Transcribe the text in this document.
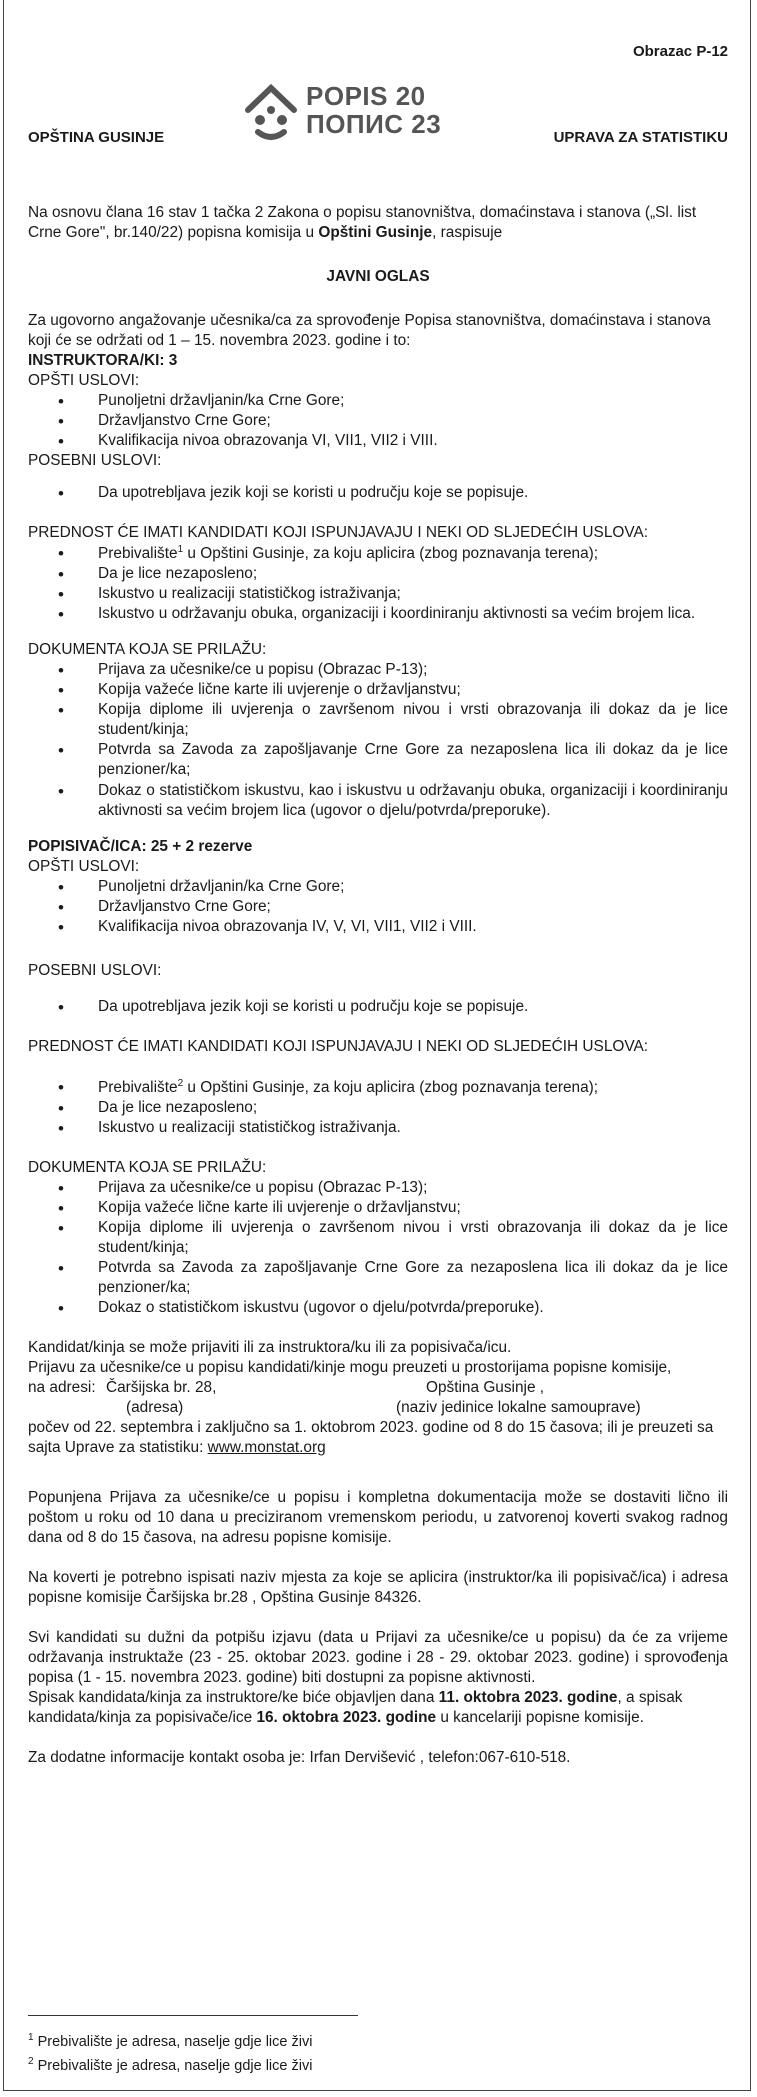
Obrazac P-12
OPŠTINA GUSINJE
POPIS 20
ПОПИС 23	UPRAVA ZA STATISTIKU

Na osnovu člana 16 stav 1 tačka 2 Zakona o popisu stanovništva, domaćinstava i stanova („Sl. list Crne Gore", br.140/22) popisna komisija u Opštini Gusinje, raspisuje

JAVNI OGLAS

Za ugovorno angažovanje učesnika/ca za sprovođenje Popisa stanovništva, domaćinstava i stanova koji će se održati od 1 – 15. novembra 2023. godine i to:

INSTRUKTORA/KI: 3

OPŠTI USLOVI:

• Punoljetni državljanin/ka Crne Gore;
• Državljanstvo Crne Gore;
• Kvalifikacija nivoa obrazovanja VI, VII1, VII2 i VIII.

POSEBNI USLOVI:

• Da upotrebljava jezik koji se koristi u području koje se popisuje.

PREDNOST ĆE IMATI KANDIDATI KOJI ISPUNJAVAJU I NEKI OD SLJEDEĆIH USLOVA:

• Prebivalište$^1$ u Opštini Gusinje, za koju aplicira (zbog poznavanja terena);
• Da je lice nezaposleno;
• Iskustvo u realizaciji statističkog istraživanja;
• Iskustvo u održavanju obuka, organizaciji i koordiniranju aktivnosti sa većim brojem lica.

DOKUMENTA KOJA SE PRILAŽU:

• Prijava za učesnike/ce u popisu (Obrazac P-13);
• Kopija važeće lične karte ili uvjerenje o državljanstvu;
• Kopija diplome ili uvjerenja o završenom nivou i vrsti obrazovanja ili dokaz da je lice student/kinja;
• Potvrda sa Zavoda za zapošljavanje Crne Gore za nezaposlena lica ili dokaz da je lice penzioner/ka;
• Dokaz o statističkom iskustvu, kao i iskustvu u održavanju obuka, organizaciji i koordiniranju aktivnosti sa većim brojem lica (ugovor o djelu/potvrda/preporuke).

POPISIVAČ/ICA: 25 + 2 rezerve

OPŠTI USLOVI:

• Punoljetni državljanin/ka Crne Gore;
• Državljanstvo Crne Gore;
• Kvalifikacija nivoa obrazovanja IV, V, VI, VII1, VII2 i VIII.

POSEBNI USLOVI:

• Da upotrebljava jezik koji se koristi u području koje se popisuje.

PREDNOST ĆE IMATI KANDIDATI KOJI ISPUNJAVAJU I NEKI OD SLJEDEĆIH USLOVA:

• Prebivalište$^2$ u Opštini Gusinje, za koju aplicira (zbog poznavanja terena);
• Da je lice nezaposleno;
• Iskustvo u realizaciji statističkog istraživanja.

DOKUMENTA KOJA SE PRILAŽU:

• Prijava za učesnike/ce u popisu (Obrazac P-13);
• Kopija važeće lične karte ili uvjerenje o državljanstvu;
• Kopija diplome ili uvjerenja o završenom nivou i vrsti obrazovanja ili dokaz da je lice student/kinja;
• Potvrda sa Zavoda za zapošljavanje Crne Gore za nezaposlena lica ili dokaz da je lice penzioner/ka;
• Dokaz o statističkom iskustvu (ugovor o djelu/potvrda/preporuke).

Kandidat/kinja se može prijaviti ili za instruktora/ku ili za popisivača/icu.

Prijavu za učesnike/ce u popisu kandidati/kinje mogu preuzeti u prostorijama popisne komisije,

na adresi: Čaršijska br. 28,	Opština Gusinje ,
(adresa)	(naziv jedinice lokalne samouprave)

počev od 22. septembra i zaključno sa 1. oktobrom 2023. godine od 8 do 15 časova; ili je preuzeti sa sajta Uprave za statistiku: www.monstat.org

Popunjena Prijava za učesnike/ce u popisu i kompletna dokumentacija može se dostaviti lično ili poštom u roku od 10 dana u preciziranom vremenskom periodu, u zatvorenoj koverti svakog radnog dana od 8 do 15 časova, na adresu popisne komisije.

Na koverti je potrebno ispisati naziv mjesta za koje se aplicira (instruktor/ka ili popisivač/ica) i adresa popisne komisije Čaršijska br.28 , Opština Gusinje 84326.

Svi kandidati su dužni da potpišu izjavu (data u Prijavi za učesnike/ce u popisu) da će za vrijeme održavanja instruktaže (23 - 25. oktobar 2023. godine i 28 - 29. oktobar 2023. godine) i sprovođenja popisa (1 - 15. novembra 2023. godine) biti dostupni za popisne aktivnosti.

Spisak kandidata/kinja za instruktore/ke biće objavljen dana 11. oktobra 2023. godine, a spisak kandidata/kinja za popisivače/ice 16. oktobra 2023. godine u kancelariji popisne komisije.

Za dodatne informacije kontakt osoba je: Irfan Dervišević , telefon:067-610-518.

$^1$ Prebivalište je adresa, naselje gdje lice živi
$^2$ Prebivalište je adresa, naselje gdje lice živi
